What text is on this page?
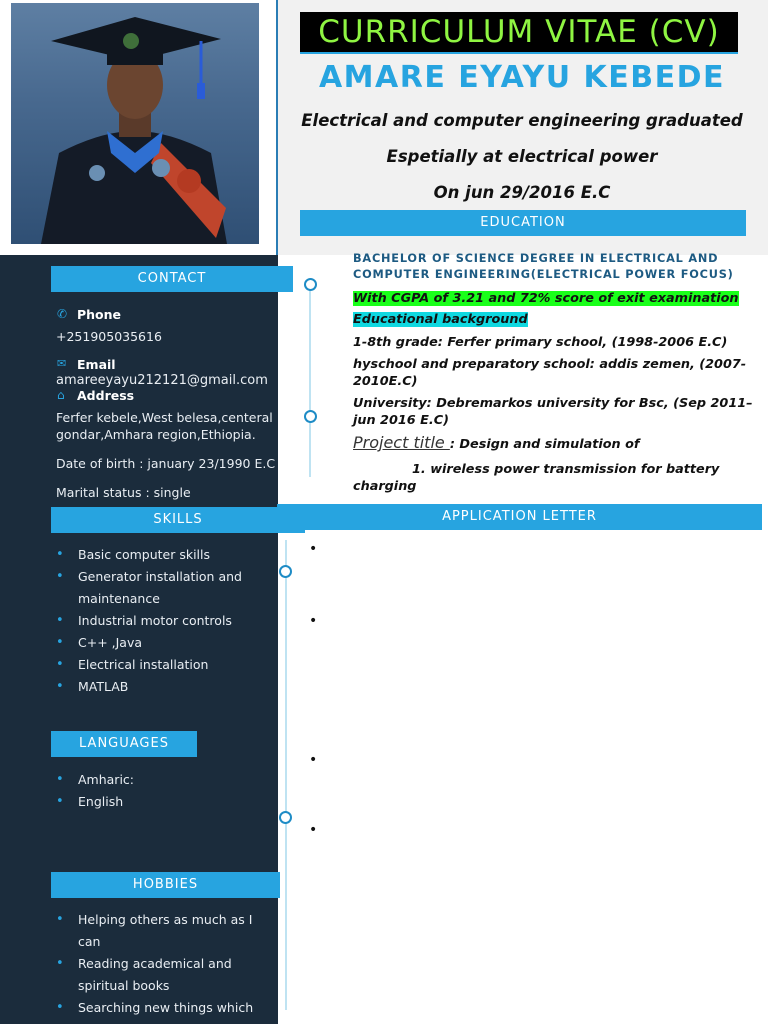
CONTACT
✆ Phone
+251905035616
✉ Email
amareeyayu212121@gmail.com
⌂ Address
Ferfer kebele,West belesa,centeral
gondar,Amhara region,Ethiopia.
Date of birth : january 23/1990 E.C
Marital status : single
SKILLS
• Basic computer skills
• Generator installation and
maintenance
• Industrial motor controls
• C++ ,Java
• Electrical installation
• MATLAB
LANGUAGES
• Amharic:
• English
HOBBIES
• Helping others as much as I
can
• Reading academical and
spiritual books
• Searching new things which
CURRICULUM VITAE (CV)
AMARE EYAYU KEBEDE
Electrical and computer engineering graduated
Espetially at electrical power
On jun 29/2016 E.C
EDUCATION
BACHELOR OF SCIENCE DEGREE IN ELECTRICAL AND
COMPUTER ENGINEERING(ELECTRICAL POWER FOCUS)
With CGPA of 3.21 and 72% score of exit examination
Educational background
1-8th grade: Ferfer primary school, (1998-2006 E.C)
hyschool and preparatory school: addis zemen, (2007-
2010E.C)
University: Debremarkos university for Bsc, (Sep 2011–
jun 2016 E.C)
Project title : Design and simulation of
1. wireless power transmission for battery
charging
APPLICATION LETTER
•
•
•
•
